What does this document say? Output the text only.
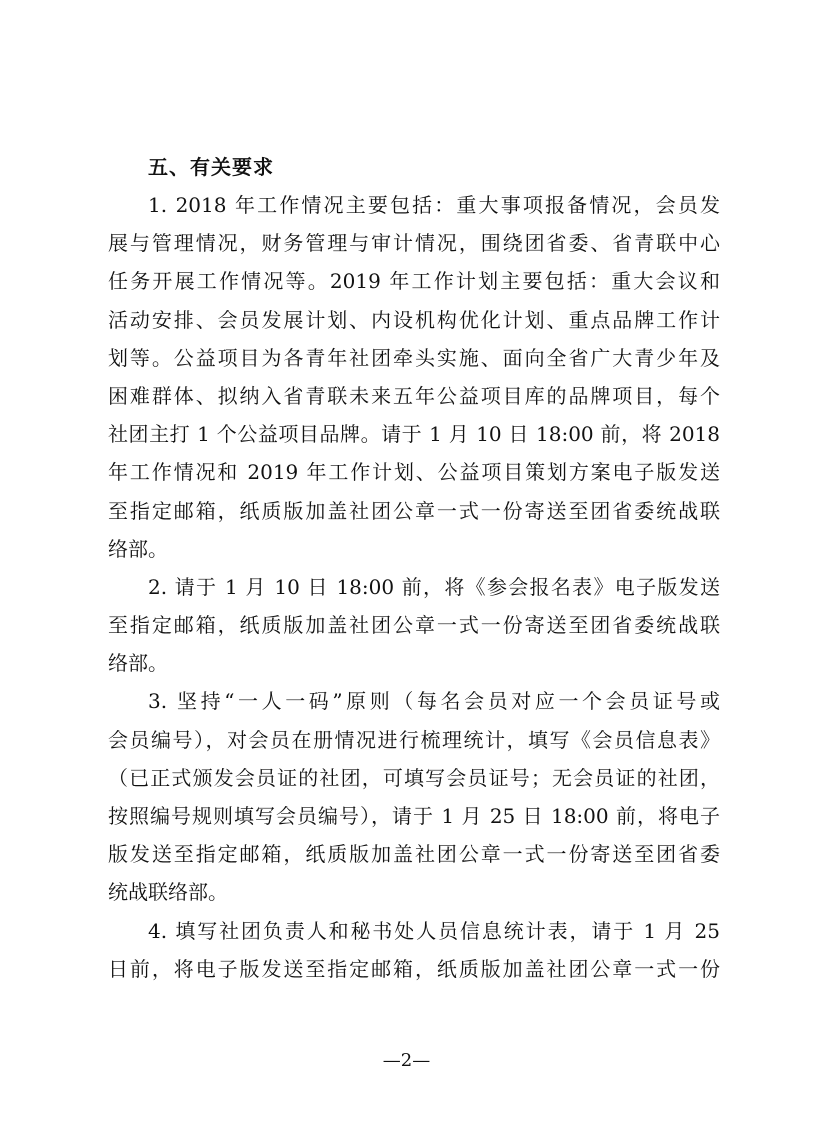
五、有关要求
1. 2018 年工作情况主要包括：重大事项报备情况，会员发
展与管理情况，财务管理与审计情况，围绕团省委、省青联中心
任务开展工作情况等。2019 年工作计划主要包括：重大会议和
活动安排、会员发展计划、内设机构优化计划、重点品牌工作计
划等。公益项目为各青年社团牵头实施、面向全省广大青少年及
困难群体、拟纳入省青联未来五年公益项目库的品牌项目，每个
社团主打 1 个公益项目品牌。请于 1 月 10 日 18:00 前，将 2018
年工作情况和 2019 年工作计划、公益项目策划方案电子版发送
至指定邮箱，纸质版加盖社团公章一式一份寄送至团省委统战联
络部。
2. 请于 1 月 10 日 18:00 前，将《参会报名表》电子版发送
至指定邮箱，纸质版加盖社团公章一式一份寄送至团省委统战联
络部。
3. 坚持“一人一码”原则（每名会员对应一个会员证号或
会员编号），对会员在册情况进行梳理统计，填写《会员信息表》
（已正式颁发会员证的社团，可填写会员证号；无会员证的社团，
按照编号规则填写会员编号），请于 1 月 25 日 18:00 前，将电子
版发送至指定邮箱，纸质版加盖社团公章一式一份寄送至团省委
统战联络部。
4. 填写社团负责人和秘书处人员信息统计表，请于 1 月 25
日前，将电子版发送至指定邮箱，纸质版加盖社团公章一式一份
—2—
